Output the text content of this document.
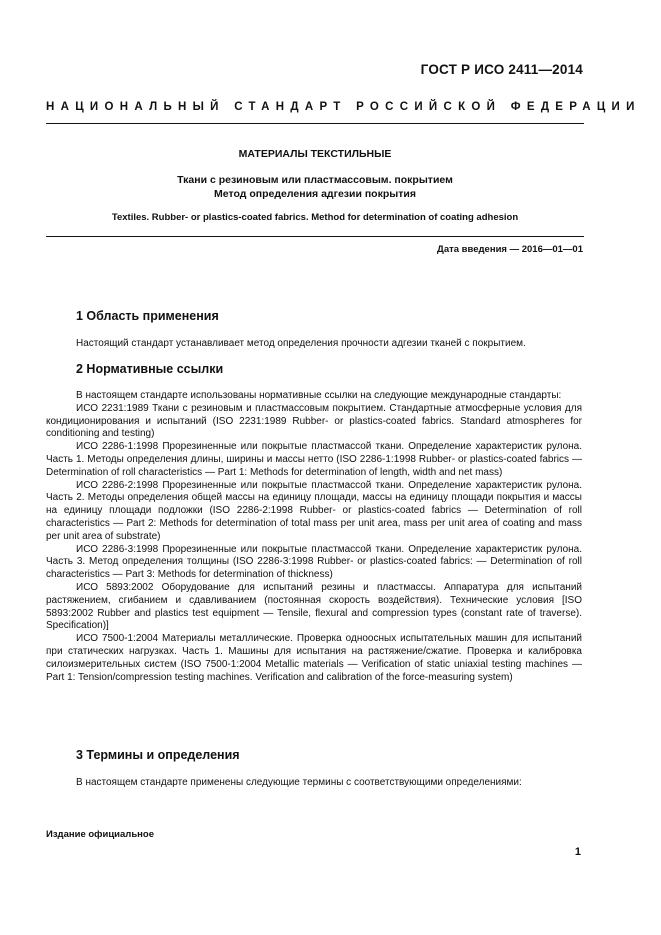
ГОСТ Р ИСО 2411—2014
НАЦИОНАЛЬНЫЙ СТАНДАРТ РОССИЙСКОЙ ФЕДЕРАЦИИ
МАТЕРИАЛЫ ТЕКСТИЛЬНЫЕ
Ткани с резиновым или пластмассовым. покрытием
Метод определения адгезии покрытия
Textiles. Rubber- or plastics-coated fabrics. Method for determination of coating adhesion
Дата введения — 2016—01—01
1 Область применения
Настоящий стандарт устанавливает метод определения прочности адгезии тканей с покрытием.
2 Нормативные ссылки

В настоящем стандарте использованы нормативные ссылки на следующие международные стандарты:

ИСО 2231:1989 Ткани с резиновым и пластмассовым покрытием. Стандартные атмосферные условия для кондиционирования и испытаний (ISO 2231:1989 Rubber- or plastics-coated fabrics. Standard atmospheres for conditioning and testing)

ИСО 2286-1:1998 Прорезиненные или покрытые пластмассой ткани. Определение характеристик рулона. Часть 1. Методы определения длины, ширины и массы нетто (ISO 2286-1:1998 Rubber- or plastics-coated fabrics — Determination of roll characteristics — Part 1: Methods for determination of length, width and net mass)

ИСО 2286-2:1998 Прорезиненные или покрытые пластмассой ткани. Определение характеристик рулона. Часть 2. Методы определения общей массы на единицу площади, массы на единицу площади покрытия и массы на единицу площади подложки (ISO 2286-2:1998 Rubber- or plastics-coated fabrics — Determination of roll characteristics — Part 2: Methods for determination of total mass per unit area, mass per unit area of coating and mass per unit area of substrate)

ИСО 2286-3:1998 Прорезиненные или покрытые пластмассой ткани. Определение характеристик рулона. Часть 3. Метод определения толщины (ISO 2286-3:1998 Rubber- or plastics-coated fabrics: — Determination of roll characteristics — Part 3: Methods for determination of thickness)

ИСО 5893:2002 Оборудование для испытаний резины и пластмассы. Аппаратура для испытаний растяжением, сгибанием и сдавливанием (постоянная скорость воздействия). Технические условия [ISO 5893:2002 Rubber and plastics test equipment — Tensile, flexural and compression types (constant rate of traverse). Specification)]

ИСО 7500-1:2004 Материалы металлические. Проверка одноосных испытательных машин для испытаний при статических нагрузках. Часть 1. Машины для испытания на растяжение/сжатие. Проверка и калибровка силоизмерительных систем (ISO 7500-1:2004 Metallic materials — Verification of static uniaxial testing machines — Part 1: Tension/compression testing machines. Verification and calibration of the force-measuring system)

3 Термины и определения
В настоящем стандарте применены следующие термины с соответствующими определениями:
Издание официальное
1
